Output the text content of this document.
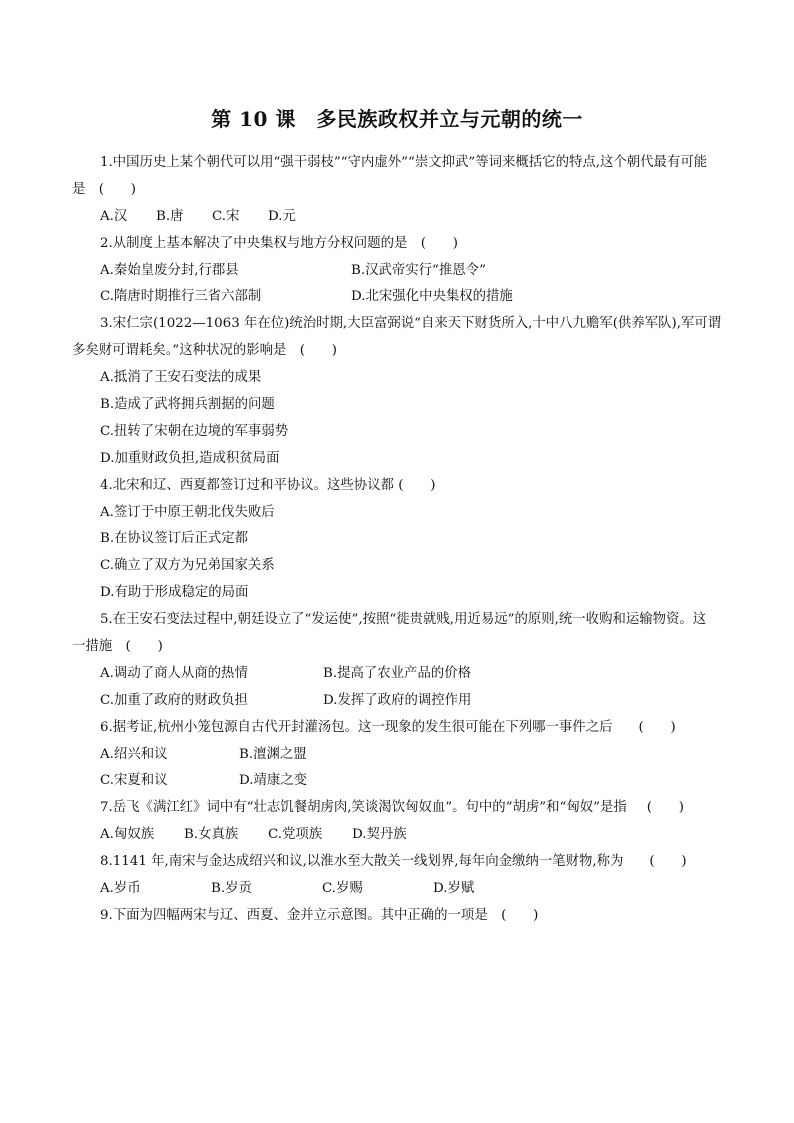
第 10 课　多民族政权并立与元朝的统一
1.中国历史上某个朝代可以用“强干弱枝”“守内虚外”“崇文抑武”等词来概括它的特点,这个朝代最有可能
是　(　　)
A.汉	B.唐	C.宋	D.元
2.从制度上基本解决了中央集权与地方分权问题的是　(　　)
A.秦始皇废分封,行郡县	B.汉武帝实行“推恩令”
C.隋唐时期推行三省六部制	D.北宋强化中央集权的措施
3.宋仁宗(1022—1063 年在位)统治时期,大臣富弼说“自来天下财货所入,十中八九赡军(供养军队),军可谓
多矣财可谓耗矣。”这种状况的影响是　(　　)
A.抵消了王安石变法的成果
B.造成了武将拥兵割据的问题
C.扭转了宋朝在边境的军事弱势
D.加重财政负担,造成积贫局面
4.北宋和辽、西夏都签订过和平协议。这些协议都 (　　)
A.签订于中原王朝北伐失败后
B.在协议签订后正式定都
C.确立了双方为兄弟国家关系
D.有助于形成稳定的局面
5.在王安石变法过程中,朝廷设立了“发运使”,按照“徙贵就贱,用近易远”的原则,统一收购和运输物资。这
一措施　(　　)
A.调动了商人从商的热情	B.提高了农业产品的价格
C.加重了政府的财政负担	D.发挥了政府的调控作用
6.据考证,杭州小笼包源自古代开封灌汤包。这一现象的发生很可能在下列哪一事件之后 (　　)
A.绍兴和议	B.澶渊之盟
C.宋夏和议	D.靖康之变
7.岳飞《满江红》词中有“壮志饥餐胡虏肉,笑谈渴饮匈奴血”。句中的“胡虏”和“匈奴”是指 (　　)
A.匈奴族	B.女真族	C.党项族	D.契丹族
8.1141 年,南宋与金达成绍兴和议,以淮水至大散关一线划界,每年向金缴纳一笔财物,称为 (　　)
A.岁币	B.岁贡	C.岁赐	D.岁赋
9.下面为四幅两宋与辽、西夏、金并立示意图。其中正确的一项是　(　　)
